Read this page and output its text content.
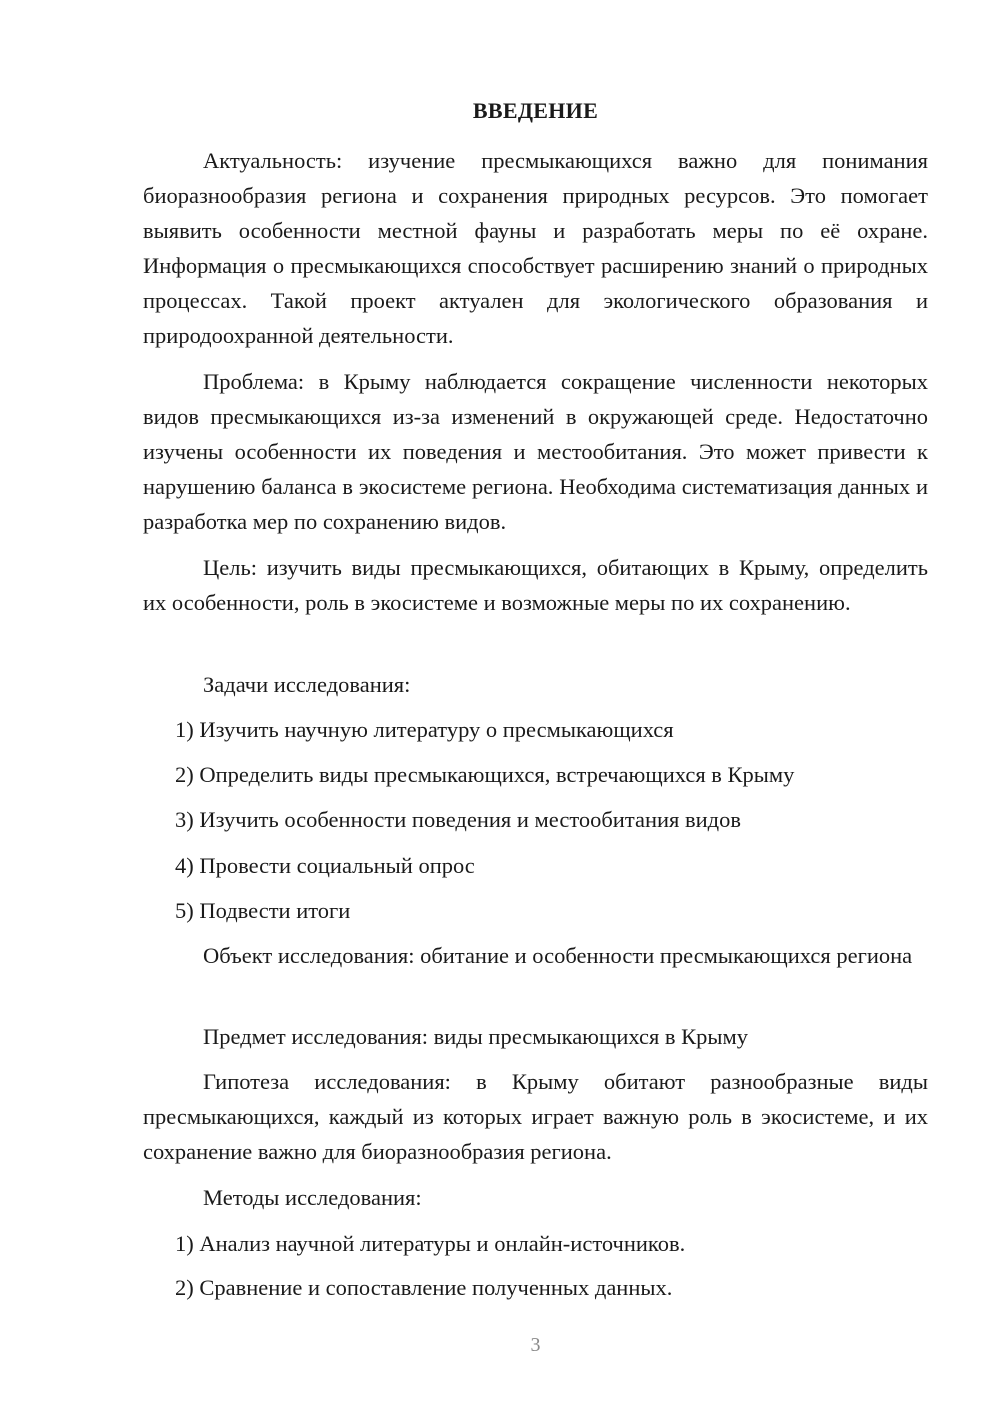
ВВЕДЕНИЕ

Актуальность: изучение пресмыкающихся важно для понимания биоразнообразия региона и сохранения природных ресурсов. Это помогает выявить особенности местной фауны и разработать меры по её охране. Информация о пресмыкающихся способствует расширению знаний о природных процессах. Такой проект актуален для экологического образования и природоохранной деятельности.

Проблема: в Крыму наблюдается сокращение численности некоторых видов пресмыкающихся из-за изменений в окружающей среде. Недостаточно изучены особенности их поведения и местообитания. Это может привести к нарушению баланса в экосистеме региона. Необходима систематизация данных и разработка мер по сохранению видов.

Цель: изучить виды пресмыкающихся, обитающих в Крыму, определить их особенности, роль в экосистеме и возможные меры по их сохранению.

Задачи исследования:

1) Изучить научную литературу о пресмыкающихся
2) Определить виды пресмыкающихся, встречающихся в Крыму
3) Изучить особенности поведения и местообитания видов
4) Провести социальный опрос
5) Подвести итоги

Объект исследования: обитание и особенности пресмыкающихся региона

Предмет исследования: виды пресмыкающихся в Крыму

Гипотеза исследования: в Крыму обитают разнообразные виды пресмыкающихся, каждый из которых играет важную роль в экосистеме, и их сохранение важно для биоразнообразия региона.

Методы исследования:

1) Анализ научной литературы и онлайн-источников.
2) Сравнение и сопоставление полученных данных.
3
